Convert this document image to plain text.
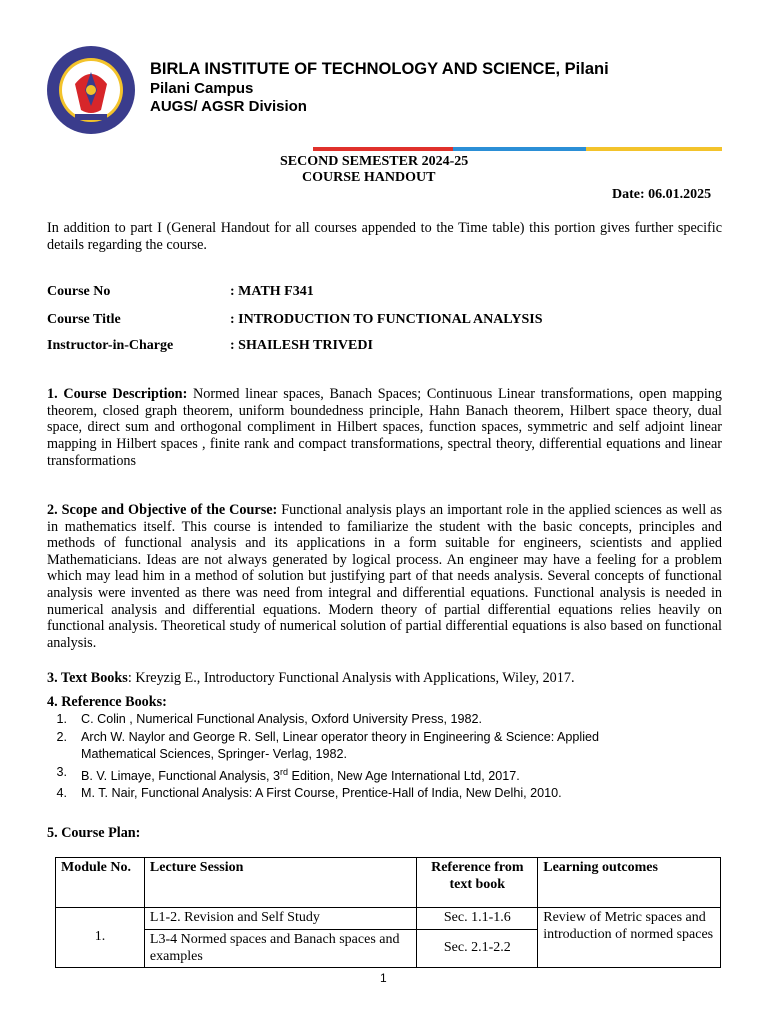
BIRLA INSTITUTE OF TECHNOLOGY AND SCIENCE, Pilani
Pilani Campus
AUGS/ AGSR Division
SECOND SEMESTER 2024-25
COURSE HANDOUT
Date: 06.01.2025
In addition to part I (General Handout for all courses appended to the Time table) this portion gives further specific details regarding the course.
Course No	: MATH F341
Course Title	: INTRODUCTION TO FUNCTIONAL ANALYSIS
Instructor-in-Charge	: SHAILESH TRIVEDI
1. Course Description: Normed linear spaces, Banach Spaces; Continuous Linear transformations, open mapping theorem, closed graph theorem, uniform boundedness principle, Hahn Banach theorem, Hilbert space theory, dual space, direct sum and orthogonal compliment in Hilbert spaces, function spaces, symmetric and self adjoint linear mapping in Hilbert spaces , finite rank and compact transformations, spectral theory, differential equations and linear transformations
2. Scope and Objective of the Course: Functional analysis plays an important role in the applied sciences as well as in mathematics itself. This course is intended to familiarize the student with the basic concepts, principles and methods of functional analysis and its applications in a form suitable for engineers, scientists and applied Mathematicians. Ideas are not always generated by logical process. An engineer may have a feeling for a problem which may lead him in a method of solution but justifying part of that needs analysis. Several concepts of functional analysis were invented as there was need from integral and differential equations. Functional analysis is needed in numerical analysis and differential equations. Modern theory of partial differential equations relies heavily on functional analysis. Theoretical study of numerical solution of partial differential equations is also based on functional analysis.
3. Text Books: Kreyzig E., Introductory Functional Analysis with Applications, Wiley, 2017.
4. Reference Books:
1. C. Colin , Numerical Functional Analysis, Oxford University Press, 1982.
2. Arch W. Naylor and George R. Sell, Linear operator theory in Engineering & Science: Applied Mathematical Sciences, Springer- Verlag, 1982.
3. B. V. Limaye, Functional Analysis, 3rd Edition, New Age International Ltd, 2017.
4. M. T. Nair, Functional Analysis: A First Course, Prentice-Hall of India, New Delhi, 2010.
5. Course Plan:
Module No.	Lecture Session	Reference from text book	Learning outcomes
1.	L1-2. Revision and Self Study	Sec. 1.1-1.6	Review of Metric spaces and introduction of normed spaces
	L3-4 Normed spaces and Banach spaces and examples	Sec. 2.1-2.2	
1
